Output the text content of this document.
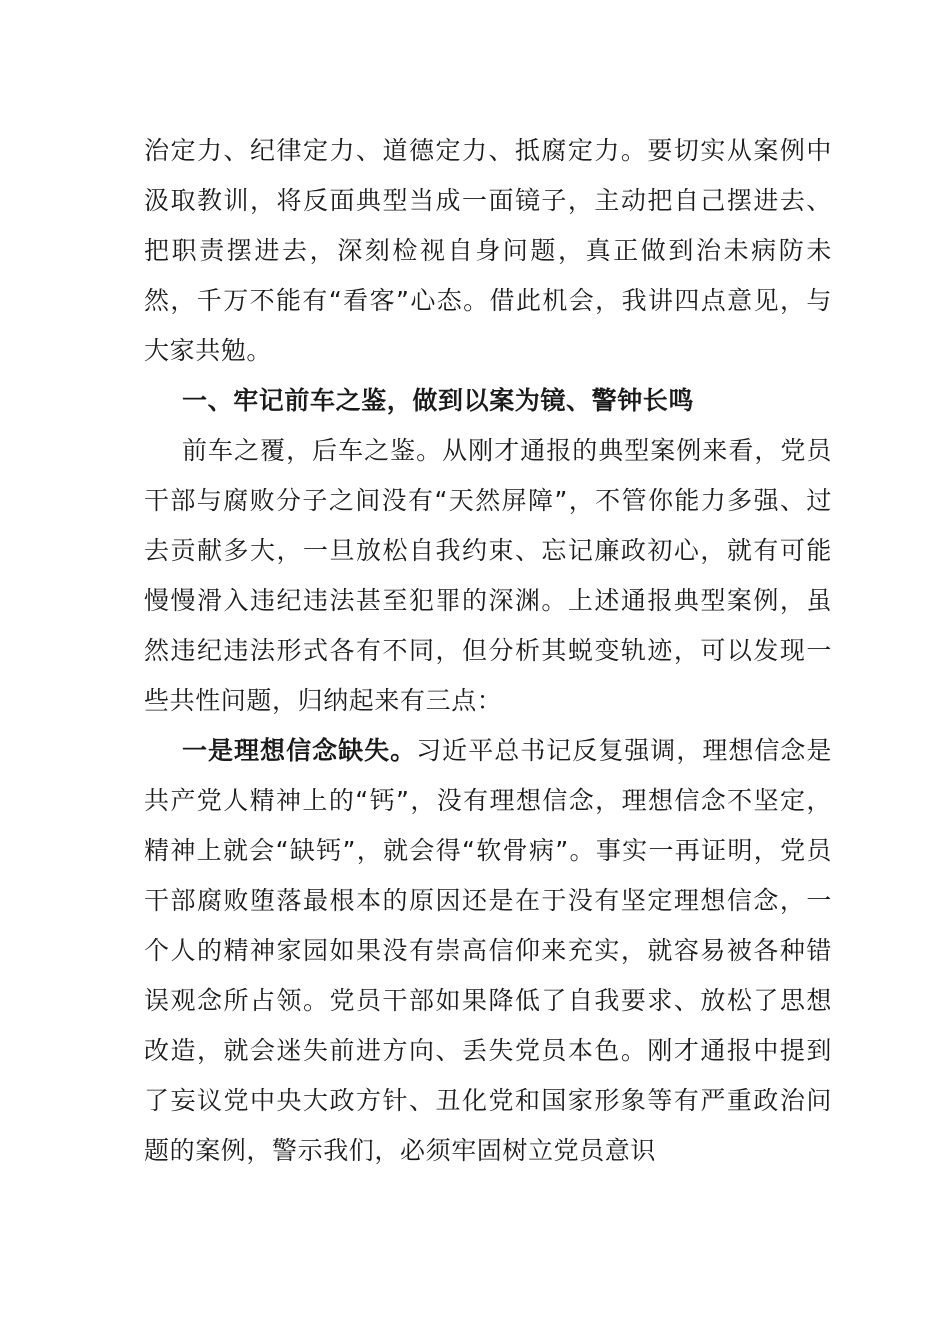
治定力、纪律定力、道德定力、抵腐定力。要切实从案例中汲取教训，将反面典型当成一面镜子，主动把自己摆进去、把职责摆进去，深刻检视自身问题，真正做到治未病防未然，千万不能有“看客”心态。借此机会，我讲四点意见，与大家共勉。

一、牢记前车之鉴，做到以案为镜、警钟长鸣

前车之覆，后车之鉴。从刚才通报的典型案例来看，党员干部与腐败分子之间没有“天然屏障”，不管你能力多强、过去贡献多大，一旦放松自我约束、忘记廉政初心，就有可能慢慢滑入违纪违法甚至犯罪的深渊。上述通报典型案例，虽然违纪违法形式各有不同，但分析其蜕变轨迹，可以发现一些共性问题，归纳起来有三点：

一是理想信念缺失。习近平总书记反复强调，理想信念是共产党人精神上的“钙”，没有理想信念，理想信念不坚定，精神上就会“缺钙”，就会得“软骨病”。事实一再证明，党员干部腐败堕落最根本的原因还是在于没有坚定理想信念，一个人的精神家园如果没有崇高信仰来充实，就容易被各种错误观念所占领。党员干部如果降低了自我要求、放松了思想改造，就会迷失前进方向、丢失党员本色。刚才通报中提到了妄议党中央大政方针、丑化党和国家形象等有严重政治问题的案例，警示我们，必须牢固树立党员意识
